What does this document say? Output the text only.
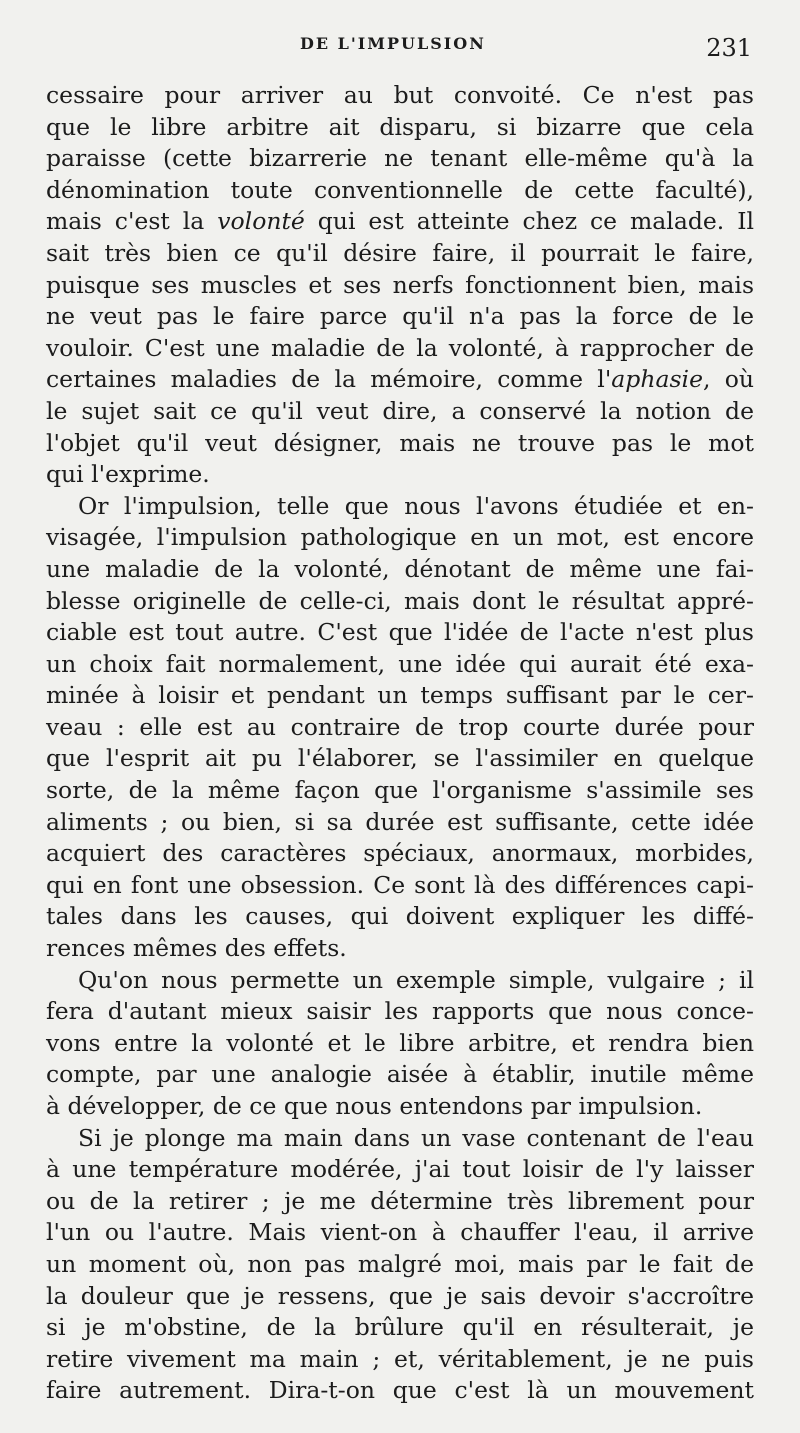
DE L'IMPULSION	231
cessaire pour arriver au but convoité. Ce n'est pas
que le libre arbitre ait disparu, si bizarre que cela
paraisse (cette bizarrerie ne tenant elle-même qu'à la
dénomination toute conventionnelle de cette faculté),
mais c'est la volonté qui est atteinte chez ce malade. Il
sait très bien ce qu'il désire faire, il pourrait le faire,
puisque ses muscles et ses nerfs fonctionnent bien, mais
ne veut pas le faire parce qu'il n'a pas la force de le
vouloir. C'est une maladie de la volonté, à rapprocher de
certaines maladies de la mémoire, comme l'aphasie, où
le sujet sait ce qu'il veut dire, a conservé la notion de
l'objet qu'il veut désigner, mais ne trouve pas le mot
qui l'exprime.
Or l'impulsion, telle que nous l'avons étudiée et en-
visagée, l'impulsion pathologique en un mot, est encore
une maladie de la volonté, dénotant de même une fai-
blesse originelle de celle-ci, mais dont le résultat appré-
ciable est tout autre. C'est que l'idée de l'acte n'est plus
un choix fait normalement, une idée qui aurait été exa-
minée à loisir et pendant un temps suffisant par le cer-
veau : elle est au contraire de trop courte durée pour
que l'esprit ait pu l'élaborer, se l'assimiler en quelque
sorte, de la même façon que l'organisme s'assimile ses
aliments ; ou bien, si sa durée est suffisante, cette idée
acquiert des caractères spéciaux, anormaux, morbides,
qui en font une obsession. Ce sont là des différences capi-
tales dans les causes, qui doivent expliquer les diffé-
rences mêmes des effets.
Qu'on nous permette un exemple simple, vulgaire ; il
fera d'autant mieux saisir les rapports que nous conce-
vons entre la volonté et le libre arbitre, et rendra bien
compte, par une analogie aisée à établir, inutile même
à développer, de ce que nous entendons par impulsion.
Si je plonge ma main dans un vase contenant de l'eau
à une température modérée, j'ai tout loisir de l'y laisser
ou de la retirer ; je me détermine très librement pour
l'un ou l'autre. Mais vient-on à chauffer l'eau, il arrive
un moment où, non pas malgré moi, mais par le fait de
la douleur que je ressens, que je sais devoir s'accroître
si je m'obstine, de la brûlure qu'il en résulterait, je
retire vivement ma main ; et, véritablement, je ne puis
faire autrement. Dira-t-on que c'est là un mouvement
